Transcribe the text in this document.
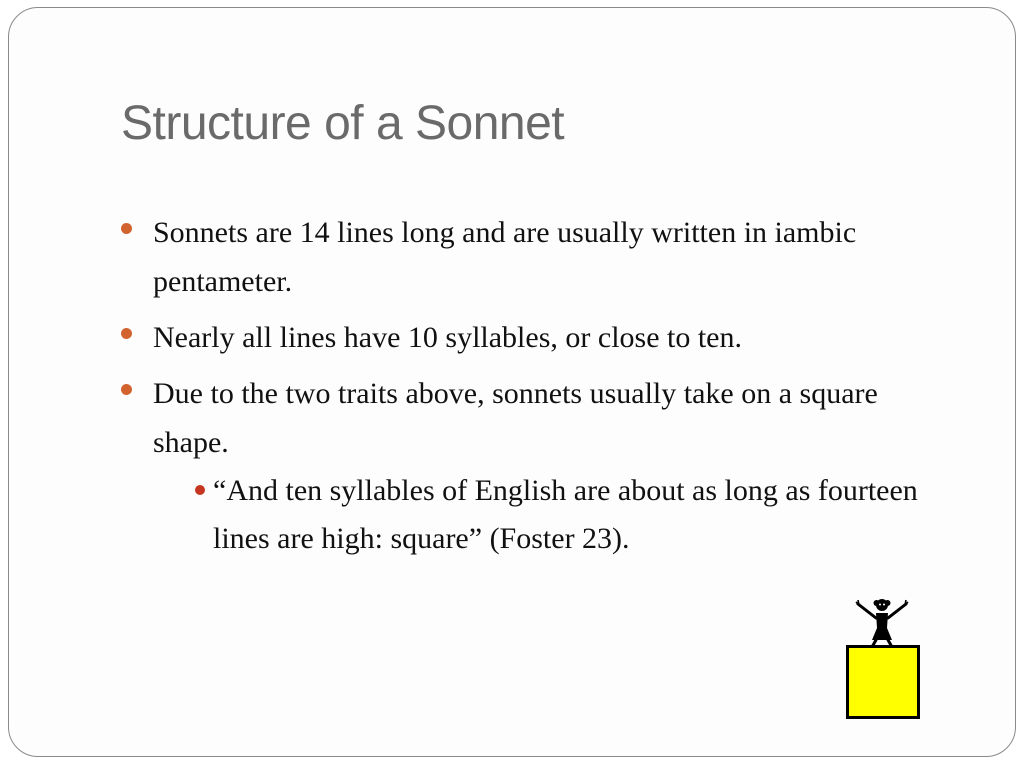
Structure of a Sonnet
Sonnets are 14 lines long and are usually written in iambic pentameter.
Nearly all lines have 10 syllables, or close to ten.
Due to the two traits above, sonnets usually take on a square shape.
“And ten syllables of English are about as long as fourteen lines are high: square” (Foster 23).
